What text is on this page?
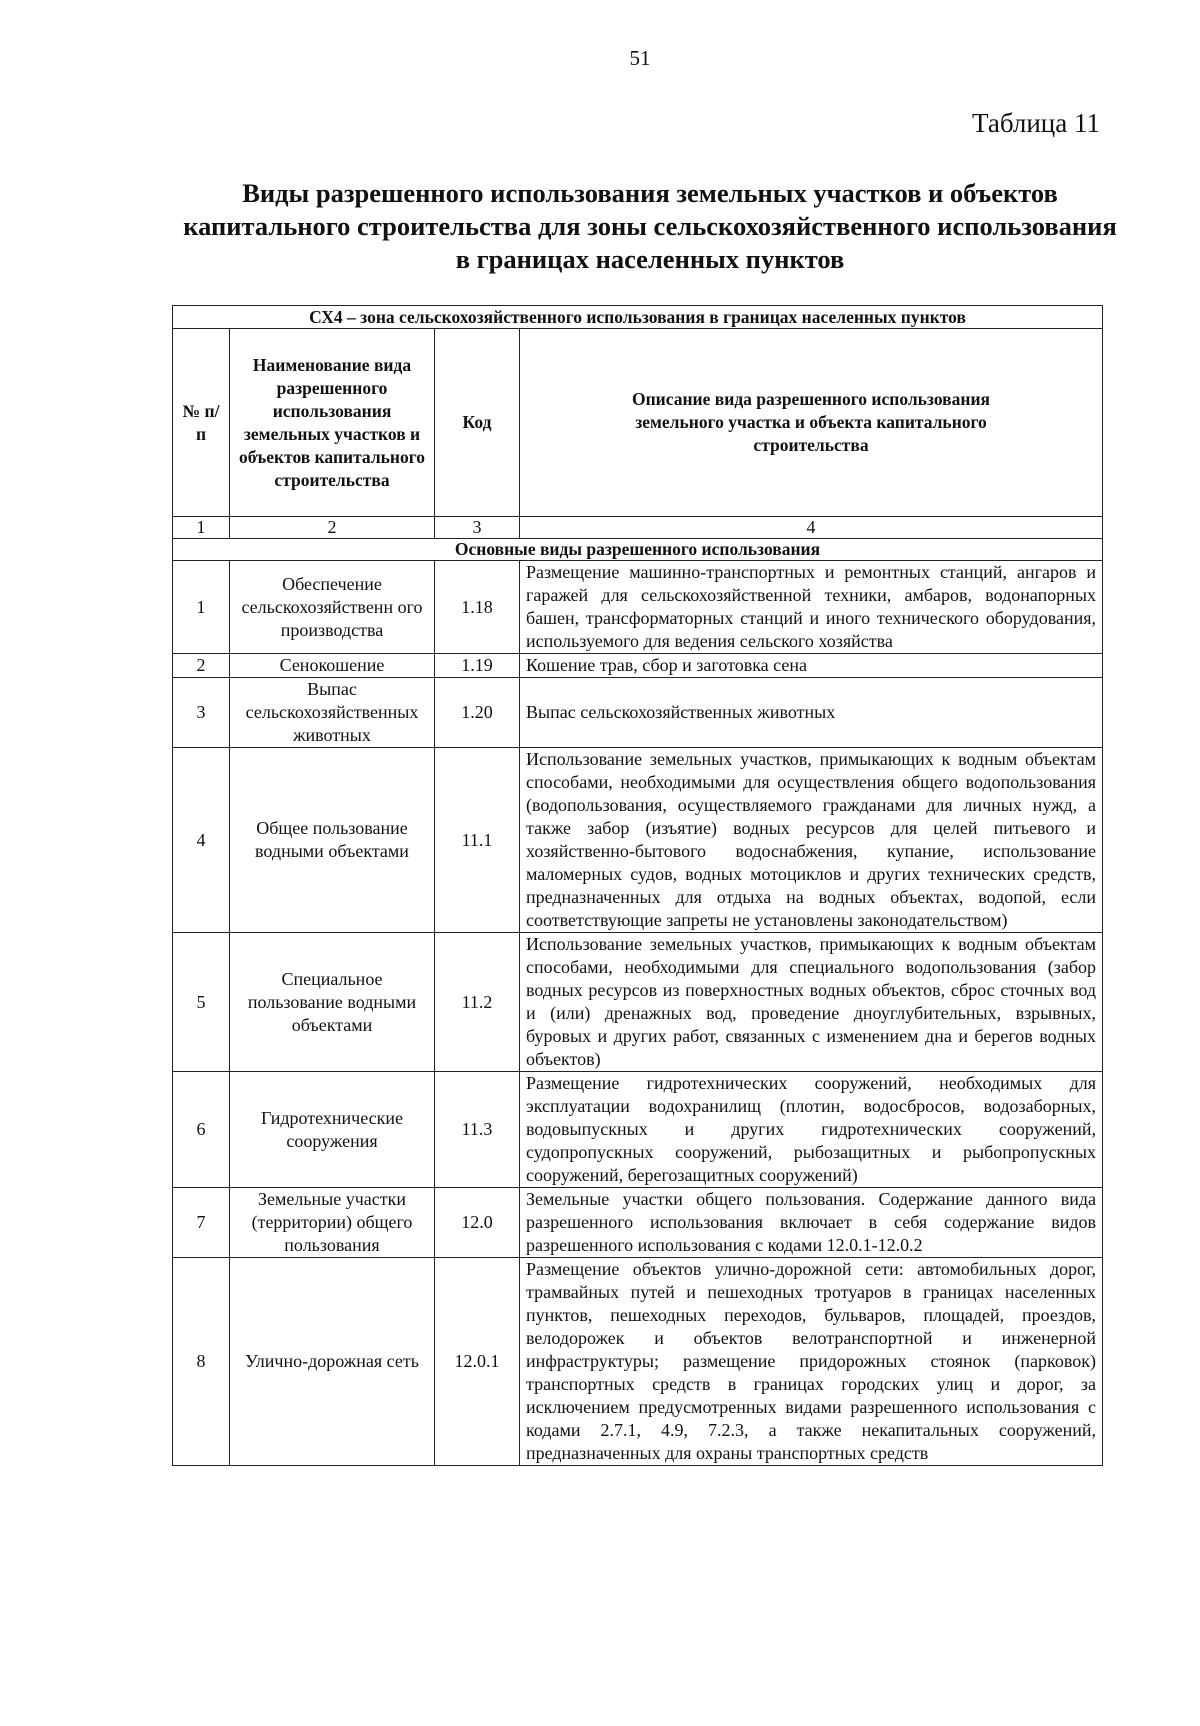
51
Таблица 11
Виды разрешенного использования земельных участков и объектов капитального строительства для зоны сельскохозяйственного использования в границах населенных пунктов
СХ4 – зона сельскохозяйственного использования в границах населенных пунктов			
№ п/п	Наименование вида разрешенного использования земельных участков и объектов капитального строительства	Код	Описание вида разрешенного использования земельного участка и объекта капитального строительства
1	2	3	4
Основные виды разрешенного использования			
1	Обеспечение сельскохозяйственн ого производства	1.18	Размещение машинно-транспортных и ремонтных станций, ангаров и гаражей для сельскохозяйственной техники, амбаров, водонапорных башен, трансформаторных станций и иного технического оборудования, используемого для ведения сельского хозяйства
2	Сенокошение	1.19	Кошение трав, сбор и заготовка сена
3	Выпас сельскохозяйственных животных	1.20	Выпас сельскохозяйственных животных
4	Общее пользование водными объектами	11.1	Использование земельных участков, примыкающих к водным объектам способами, необходимыми для осуществления общего водопользования (водопользования, осуществляемого гражданами для личных нужд, а также забор (изъятие) водных ресурсов для целей питьевого и хозяйственно-бытового водоснабжения, купание, использование маломерных судов, водных мотоциклов и других технических средств, предназначенных для отдыха на водных объектах, водопой, если соответствующие запреты не установлены законодательством)
5	Специальное пользование водными объектами	11.2	Использование земельных участков, примыкающих к водным объектам способами, необходимыми для специального водопользования (забор водных ресурсов из поверхностных водных объектов, сброс сточных вод и (или) дренажных вод, проведение дноуглубительных, взрывных, буровых и других работ, связанных с изменением дна и берегов водных объектов)
6	Гидротехнические сооружения	11.3	Размещение гидротехнических сооружений, необходимых для эксплуатации водохранилищ (плотин, водосбросов, водозаборных, водовыпускных и других гидротехнических сооружений, судопропускных сооружений, рыбозащитных и рыбопропускных сооружений, берегозащитных сооружений)
7	Земельные участки (территории) общего пользования	12.0	Земельные участки общего пользования. Содержание данного вида разрешенного использования включает в себя содержание видов разрешенного использования с кодами 12.0.1-12.0.2
8	Улично-дорожная сеть	12.0.1	Размещение объектов улично-дорожной сети: автомобильных дорог, трамвайных путей и пешеходных тротуаров в границах населенных пунктов, пешеходных переходов, бульваров, площадей, проездов, велодорожек и объектов велотранспортной и инженерной инфраструктуры; размещение придорожных стоянок (парковок) транспортных средств в границах городских улиц и дорог, за исключением предусмотренных видами разрешенного использования с кодами 2.7.1, 4.9, 7.2.3, а также некапитальных сооружений, предназначенных для охраны транспортных средств
